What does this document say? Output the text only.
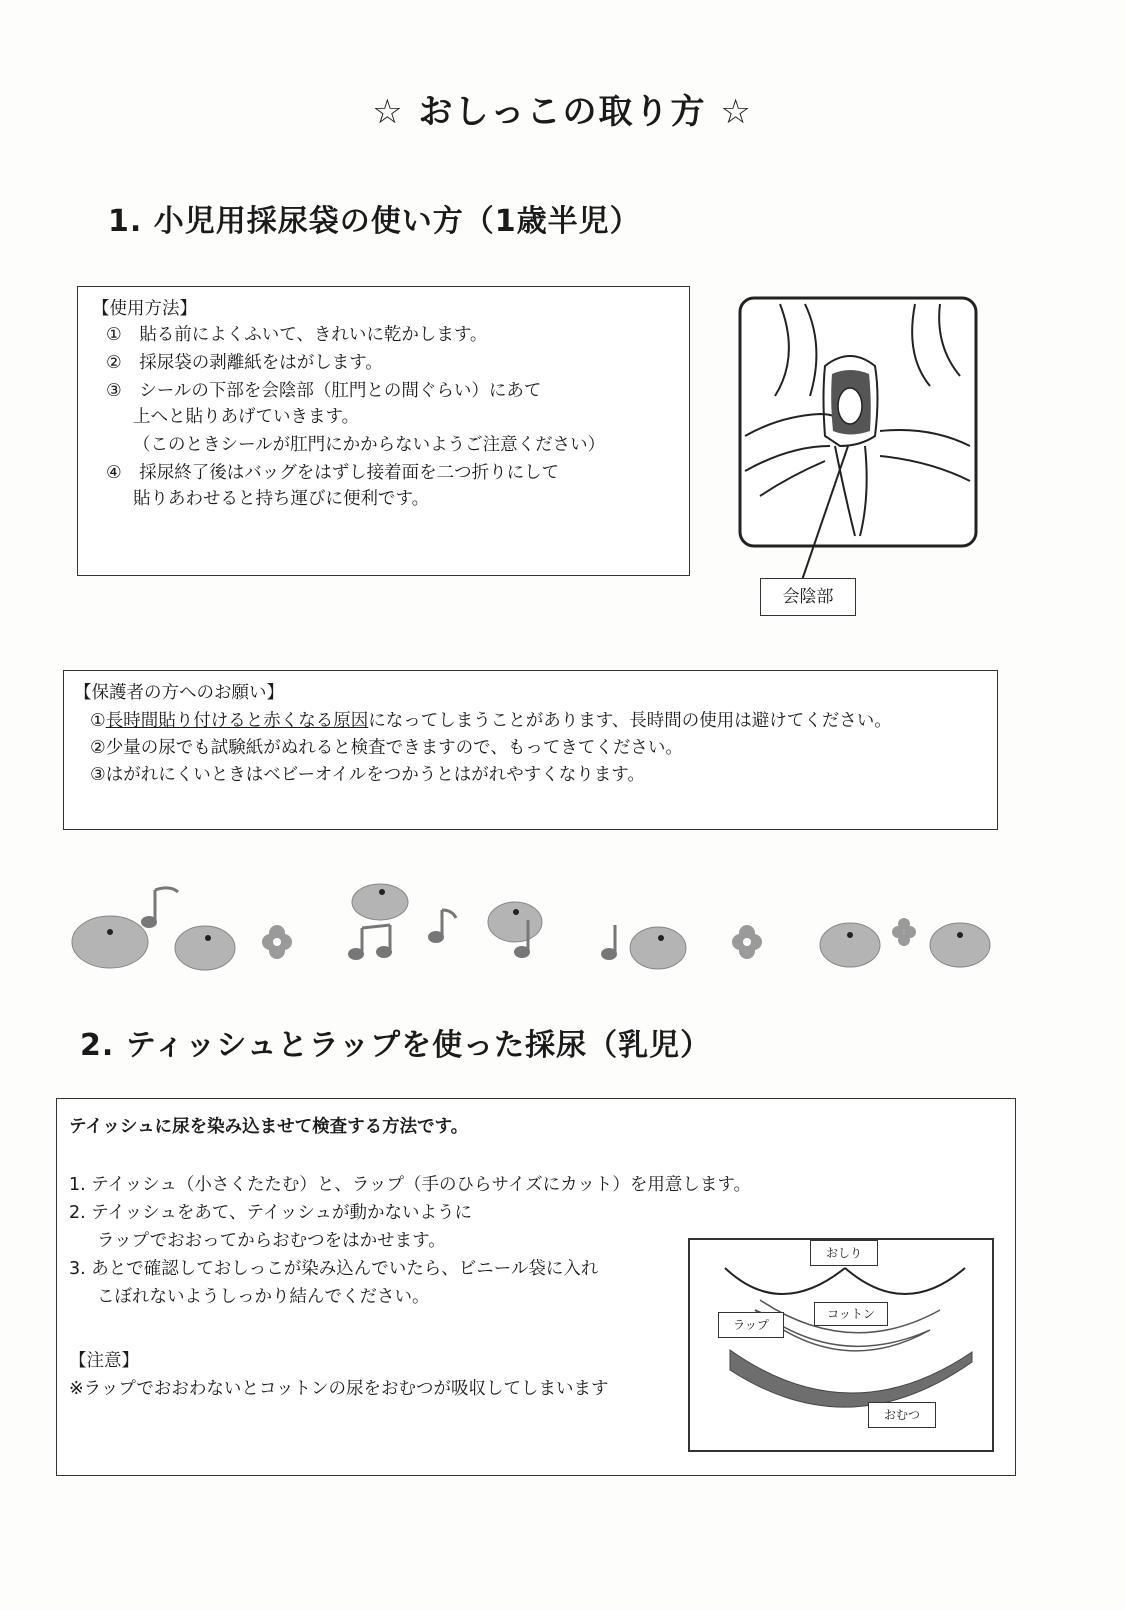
☆ おしっこの取り方 ☆
1. 小児用採尿袋の使い方（1歳半児）
【使用方法】
①　貼る前によくふいて、きれいに乾かします。
②　採尿袋の剥離紙をはがします。
③　シールの下部を会陰部（肛門との間ぐらい）にあて
上へと貼りあげていきます。
（このときシールが肛門にかからないようご注意ください）
④　採尿終了後はバッグをはずし接着面を二つ折りにして
貼りあわせると持ち運びに便利です。
会陰部
【保護者の方へのお願い】
①長時間貼り付けると赤くなる原因になってしまうことがあります、長時間の使用は避けてください。
②少量の尿でも試験紙がぬれると検査できますので、もってきてください。
③はがれにくいときはベビーオイルをつかうとはがれやすくなります。
2. ティッシュとラップを使った採尿（乳児）
テイッシュに尿を染み込ませて検査する方法です。
1. テイッシュ（小さくたたむ）と、ラップ（手のひらサイズにカット）を用意します。
2. テイッシュをあて、テイッシュが動かないように
ラップでおおってからおむつをはかせます。
3. あとで確認しておしっこが染み込んでいたら、ビニール袋に入れ
こぼれないようしっかり結んでください。
【注意】
※ラップでおおわないとコットンの尿をおむつが吸収してしまいます
おしり
コットン
ラップ
おむつ
